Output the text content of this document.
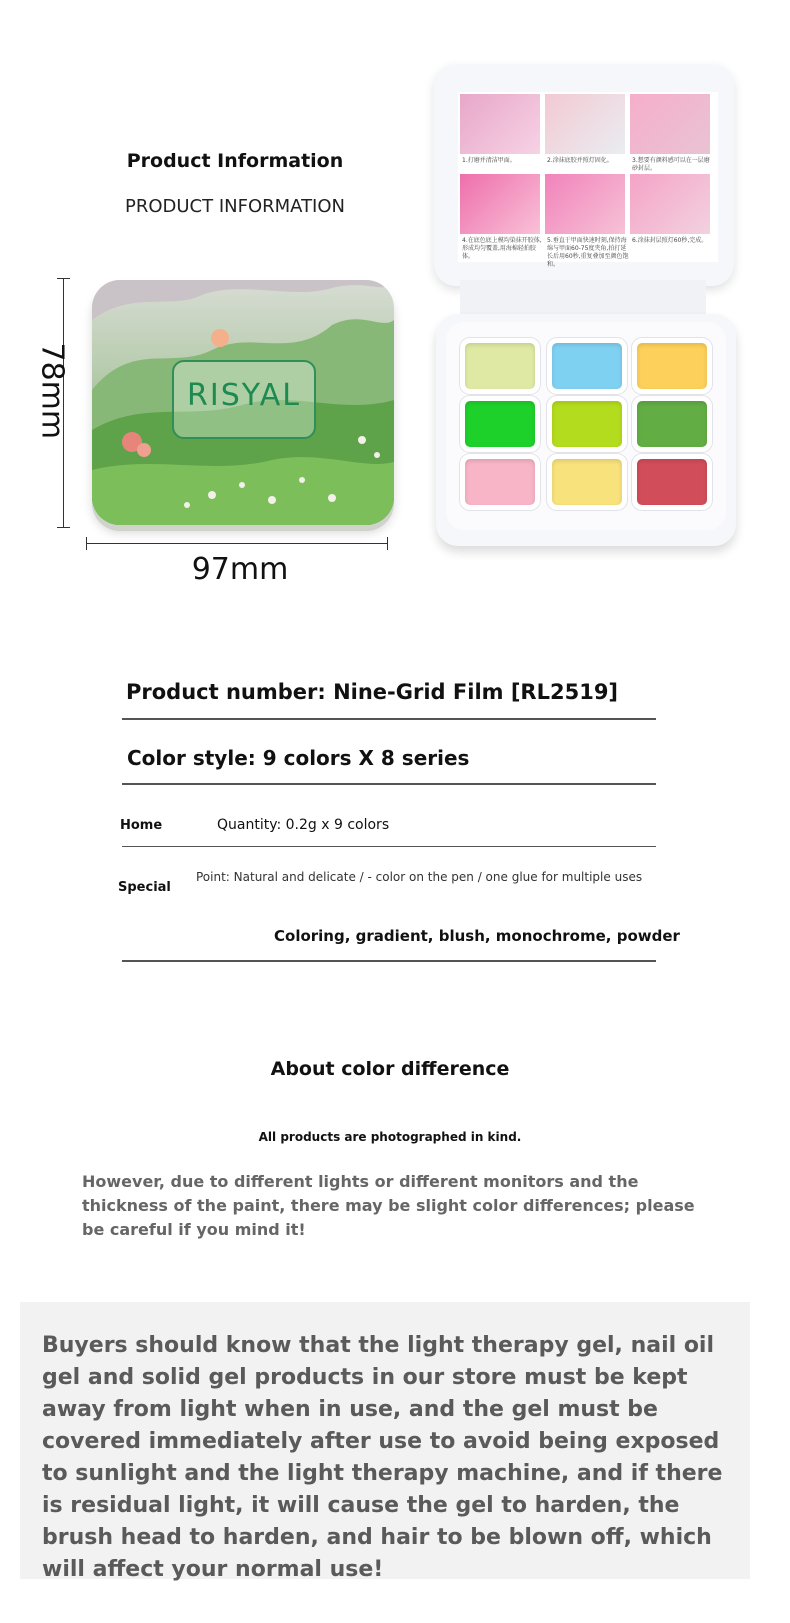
Product Information
PRODUCT INFORMATION
RISYAL
78mm
97mm
1.打磨并清洁甲面。	2.涂抹底胶并照灯固化。	3.想要有颜料感可以在一层磨砂封层。
4.在底色底上模均染抹开胶体,形成均匀覆盖,用海棉轻拍胶体。
5.垂直于甲面快速时刻,保持海绵与甲面60-75度夹角,拍打延长后用60秒,重复叠加至颜色饱和。
6.涂抹封层照灯60秒,完成。
Product number: Nine-Grid Film [RL2519]
Color style: 9 colors X 8 series
Home	Quantity: 0.2g x 9 colors
Special
Point: Natural and delicate / - color on the pen / one glue for multiple uses
Coloring, gradient, blush, monochrome, powder
About color difference
All products are photographed in kind.
However, due to different lights or different monitors and the thickness of the paint, there may be slight color differences; please be careful if you mind it!
Buyers should know that the light therapy gel, nail oil gel and solid gel products in our store must be kept away from light when in use, and the gel must be covered immediately after use to avoid being exposed to sunlight and the light therapy machine, and if there is residual light, it will cause the gel to harden, the brush head to harden, and hair to be blown off, which will affect your normal use!
